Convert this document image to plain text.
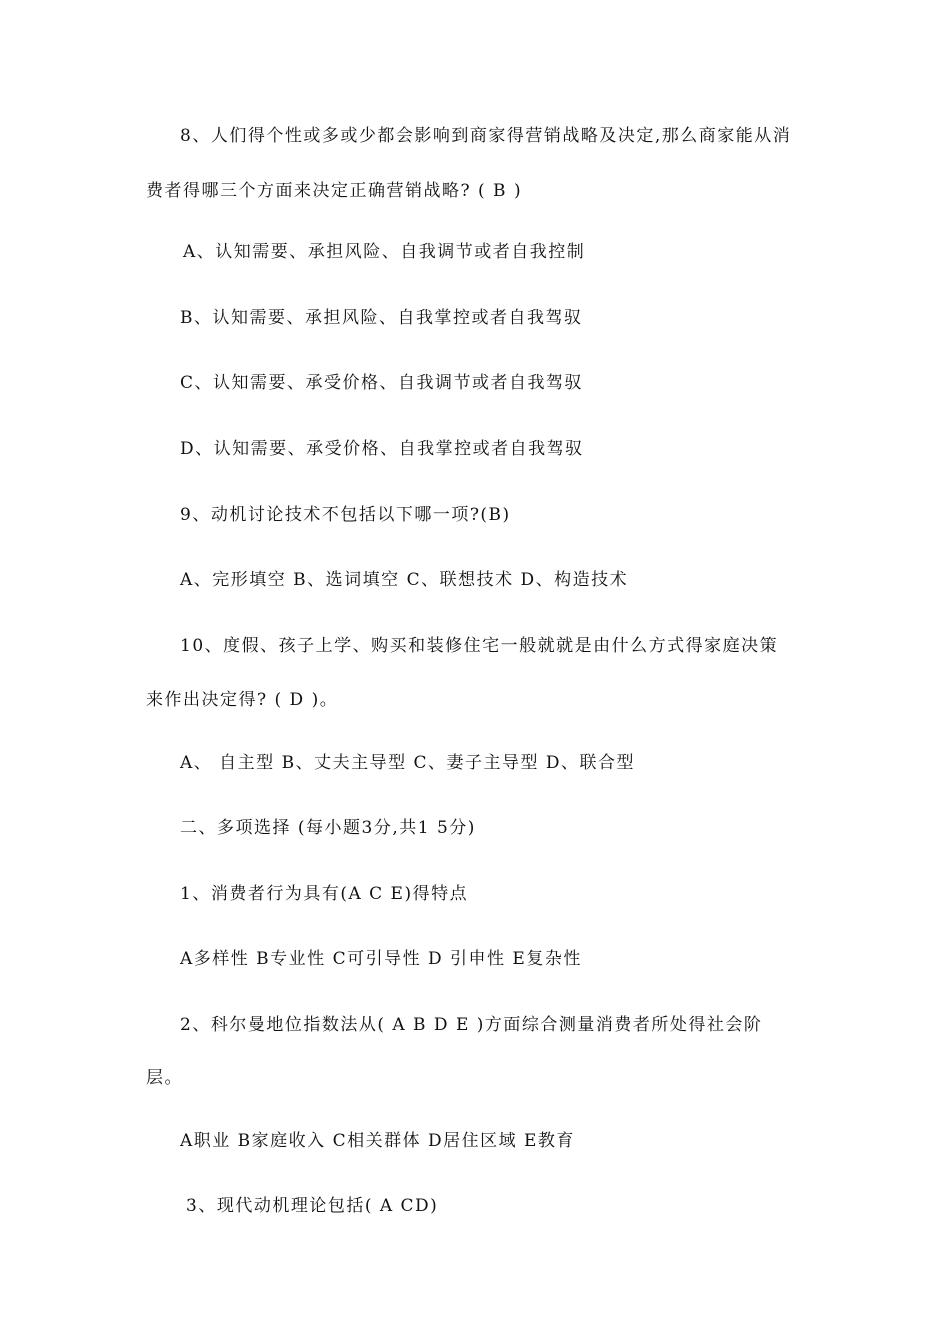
8、人们得个性或多或少都会影响到商家得营销战略及决定,那么商家能从消
费者得哪三个方面来决定正确营销战略? ( B )
A、认知需要、承担风险、自我调节或者自我控制
B、认知需要、承担风险、自我掌控或者自我驾驭
C、认知需要、承受价格、自我调节或者自我驾驭
D、认知需要、承受价格、自我掌控或者自我驾驭
9、动机讨论技术不包括以下哪一项?(B)
A、完形填空 B、选词填空 C、联想技术 D、构造技术
10、度假、孩子上学、购买和装修住宅一般就就是由什么方式得家庭决策
来作出决定得? ( D )。
A、 自主型 B、丈夫主导型 C、妻子主导型 D、联合型
二、多项选择 (每小题3分,共1 5分)
1、消费者行为具有(A C E)得特点
A多样性 B专业性 C可引导性 D 引申性 E复杂性
2、科尔曼地位指数法从( A B D E )方面综合测量消费者所处得社会阶
层。
A职业 B家庭收入 C相关群体 D居住区域 E教育
3、现代动机理论包括( A CD)
